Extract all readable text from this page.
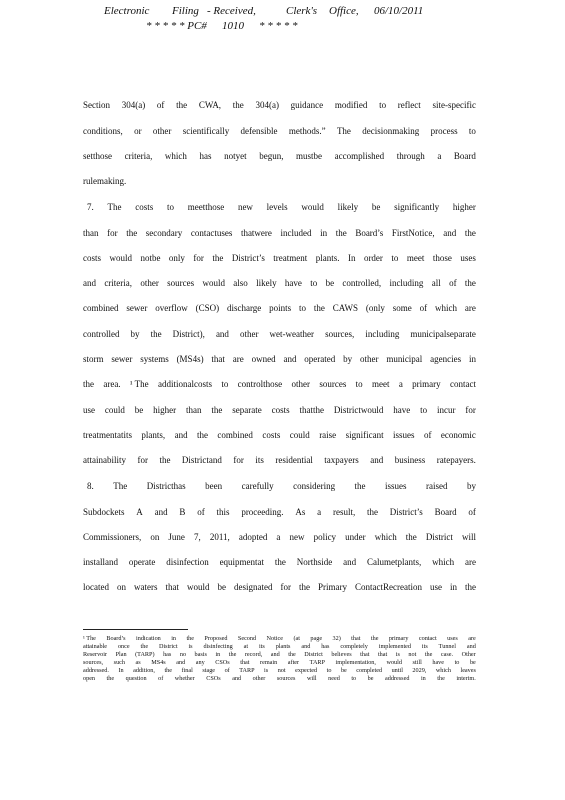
Electronic Filing - Received,	Clerk's Office, 06/10/2011
* * * * * PC# 1010 * * * * *
Section 304(a) of the CWA, the 304(a) guidance modified to reflect site-specific
conditions, or other scientifically defensible methods.” The decisionmaking process to
setthose criteria, which has notyet begun, mustbe accomplished through a Board
rulemaking.
7. The costs to meetthose new levels would likely be significantly higher
than for the secondary contactuses thatwere included in the Board’s FirstNotice, and the
costs would notbe only for the District’s treatment plants. In order to meet those uses
and criteria, other sources would also likely have to be controlled, including all of the
combined sewer overflow (CSO) discharge points to the CAWS (only some of which are
controlled by the District), and other wet-weather sources, including municipalseparate
storm sewer systems (MS4s) that are owned and operated by other municipal agencies in
the area. ¹ The additionalcosts to controlthose other sources to meet a primary contact
use could be higher than the separate costs thatthe Districtwould have to incur for
treatmentatits plants, and the combined costs could raise significant issues of economic
attainability for the Districtand for its residential taxpayers and business ratepayers.
8. The Districthas been carefully considering the issues raised by
Subdockets A and B of this proceeding. As a result, the District’s Board of
Commissioners, on June 7, 2011, adopted a new policy under which the District will
installand operate disinfection equipmentat the Northside and Calumetplants, which are
located on waters that would be designated for the Primary ContactRecreation use in the
¹ The Board’s indication in the Proposed Second Notice (at page 32) that the primary contact uses are
attainable once the District is disinfecting at its plants and has completely implemented its Tunnel and
Reservoir Plan (TARP) has no basis in the record, and the District believes that that is not the case. Other
sources, such as MS4s and any CSOs that remain after TARP implementation, would still have to be
addressed. In addition, the final stage of TARP is not expected to be completed until 2029, which leaves
open the question of whether CSOs and other sources will need to be addressed in the interim.
